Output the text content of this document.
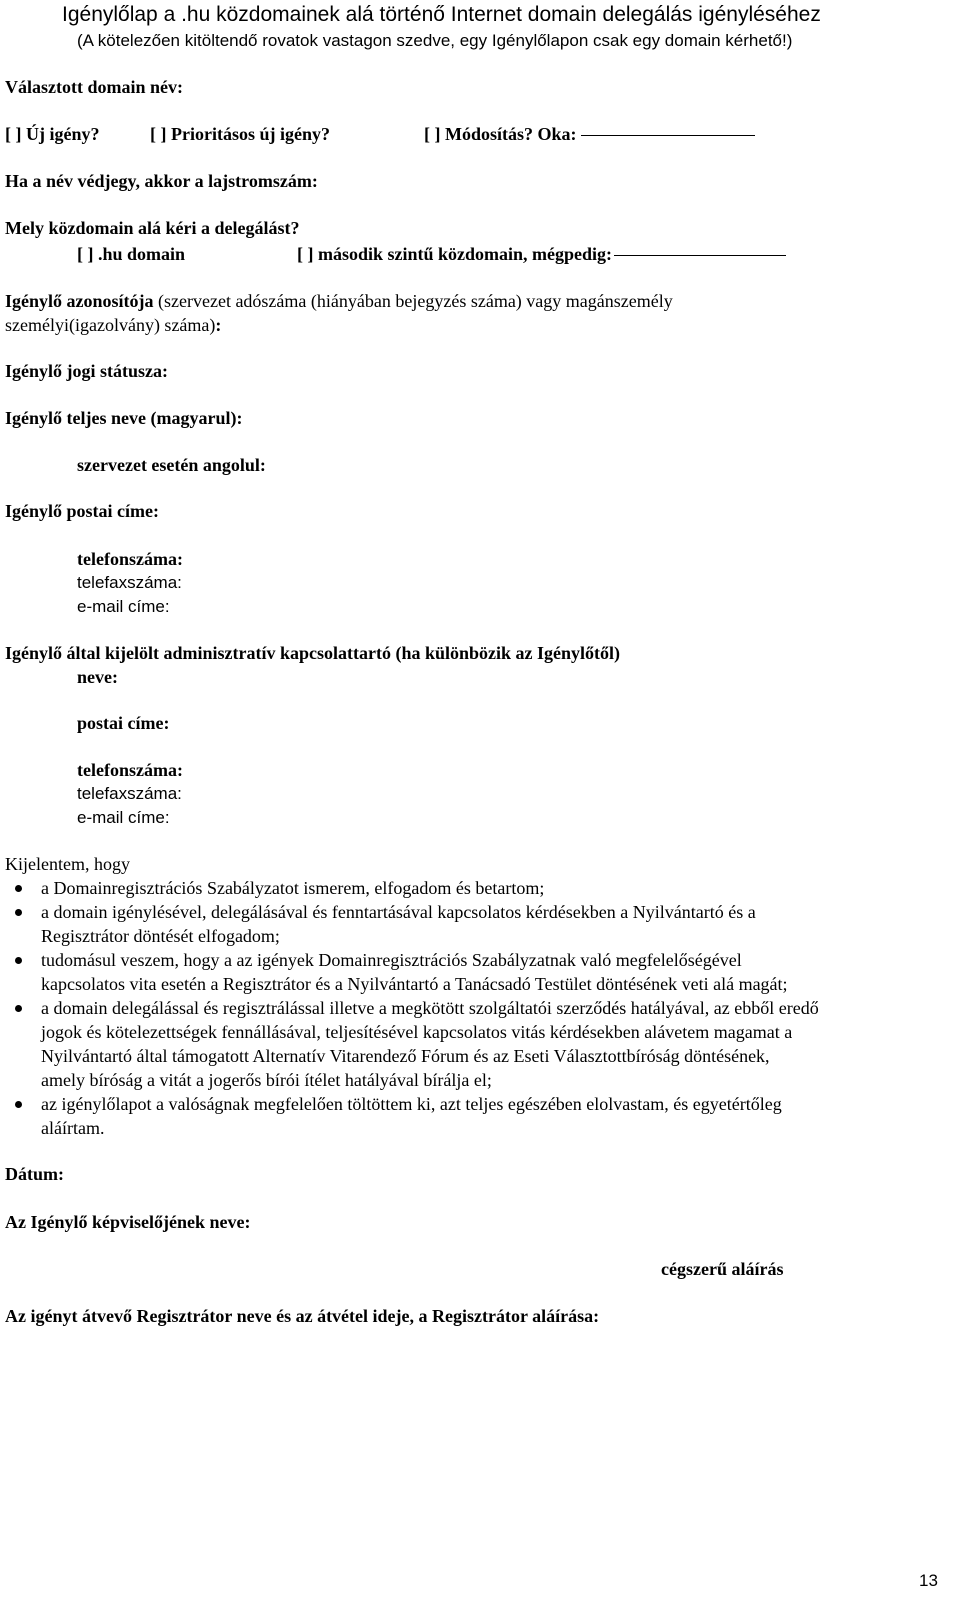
Igénylőlap a .hu közdomainek alá történő Internet domain delegálás igényléséhez
(A kötelezően kitöltendő rovatok vastagon szedve, egy Igénylőlapon csak egy domain kérhető!)
Választott domain név:
[ ] Új igény?	[ ] Prioritásos új igény?	[ ] Módosítás? Oka:
Ha a név védjegy, akkor a lajstromszám:
Mely közdomain alá kéri a delegálást?
[ ] .hu domain	[ ] második szintű közdomain, mégpedig:
Igénylő azonosítója (szervezet adószáma (hiányában bejegyzés száma) vagy magánszemély
személyi(igazolvány) száma):
Igénylő jogi státusza:
Igénylő teljes neve (magyarul):
szervezet esetén angolul:
Igénylő postai címe:
telefonszáma:
telefaxszáma:
e-mail címe:
Igénylő által kijelölt adminisztratív kapcsolattartó (ha különbözik az Igénylőtől)
neve:
postai címe:
telefonszáma:
telefaxszáma:
e-mail címe:
Kijelentem, hogy
a Domainregisztrációs Szabályzatot ismerem, elfogadom és betartom;
a domain igénylésével, delegálásával és fenntartásával kapcsolatos kérdésekben a Nyilvántartó és a
Regisztrátor döntését elfogadom;
tudomásul veszem, hogy a az igények Domainregisztrációs Szabályzatnak való megfelelőségével
kapcsolatos vita esetén a Regisztrátor és a Nyilvántartó a Tanácsadó Testület döntésének veti alá magát;
a domain delegálással és regisztrálással illetve a megkötött szolgáltatói szerződés hatályával, az ebből eredő
jogok és kötelezettségek fennállásával, teljesítésével kapcsolatos vitás kérdésekben alávetem magamat a
Nyilvántartó által támogatott Alternatív Vitarendező Fórum és az Eseti Választottbíróság döntésének,
amely bíróság a vitát a jogerős bírói ítélet hatályával bírálja el;
az igénylőlapot a valóságnak megfelelően töltöttem ki, azt teljes egészében elolvastam, és egyetértőleg
aláírtam.
Dátum:
Az Igénylő képviselőjének neve:
cégszerű aláírás
Az igényt átvevő Regisztrátor neve és az átvétel ideje, a Regisztrátor aláírása:
13
